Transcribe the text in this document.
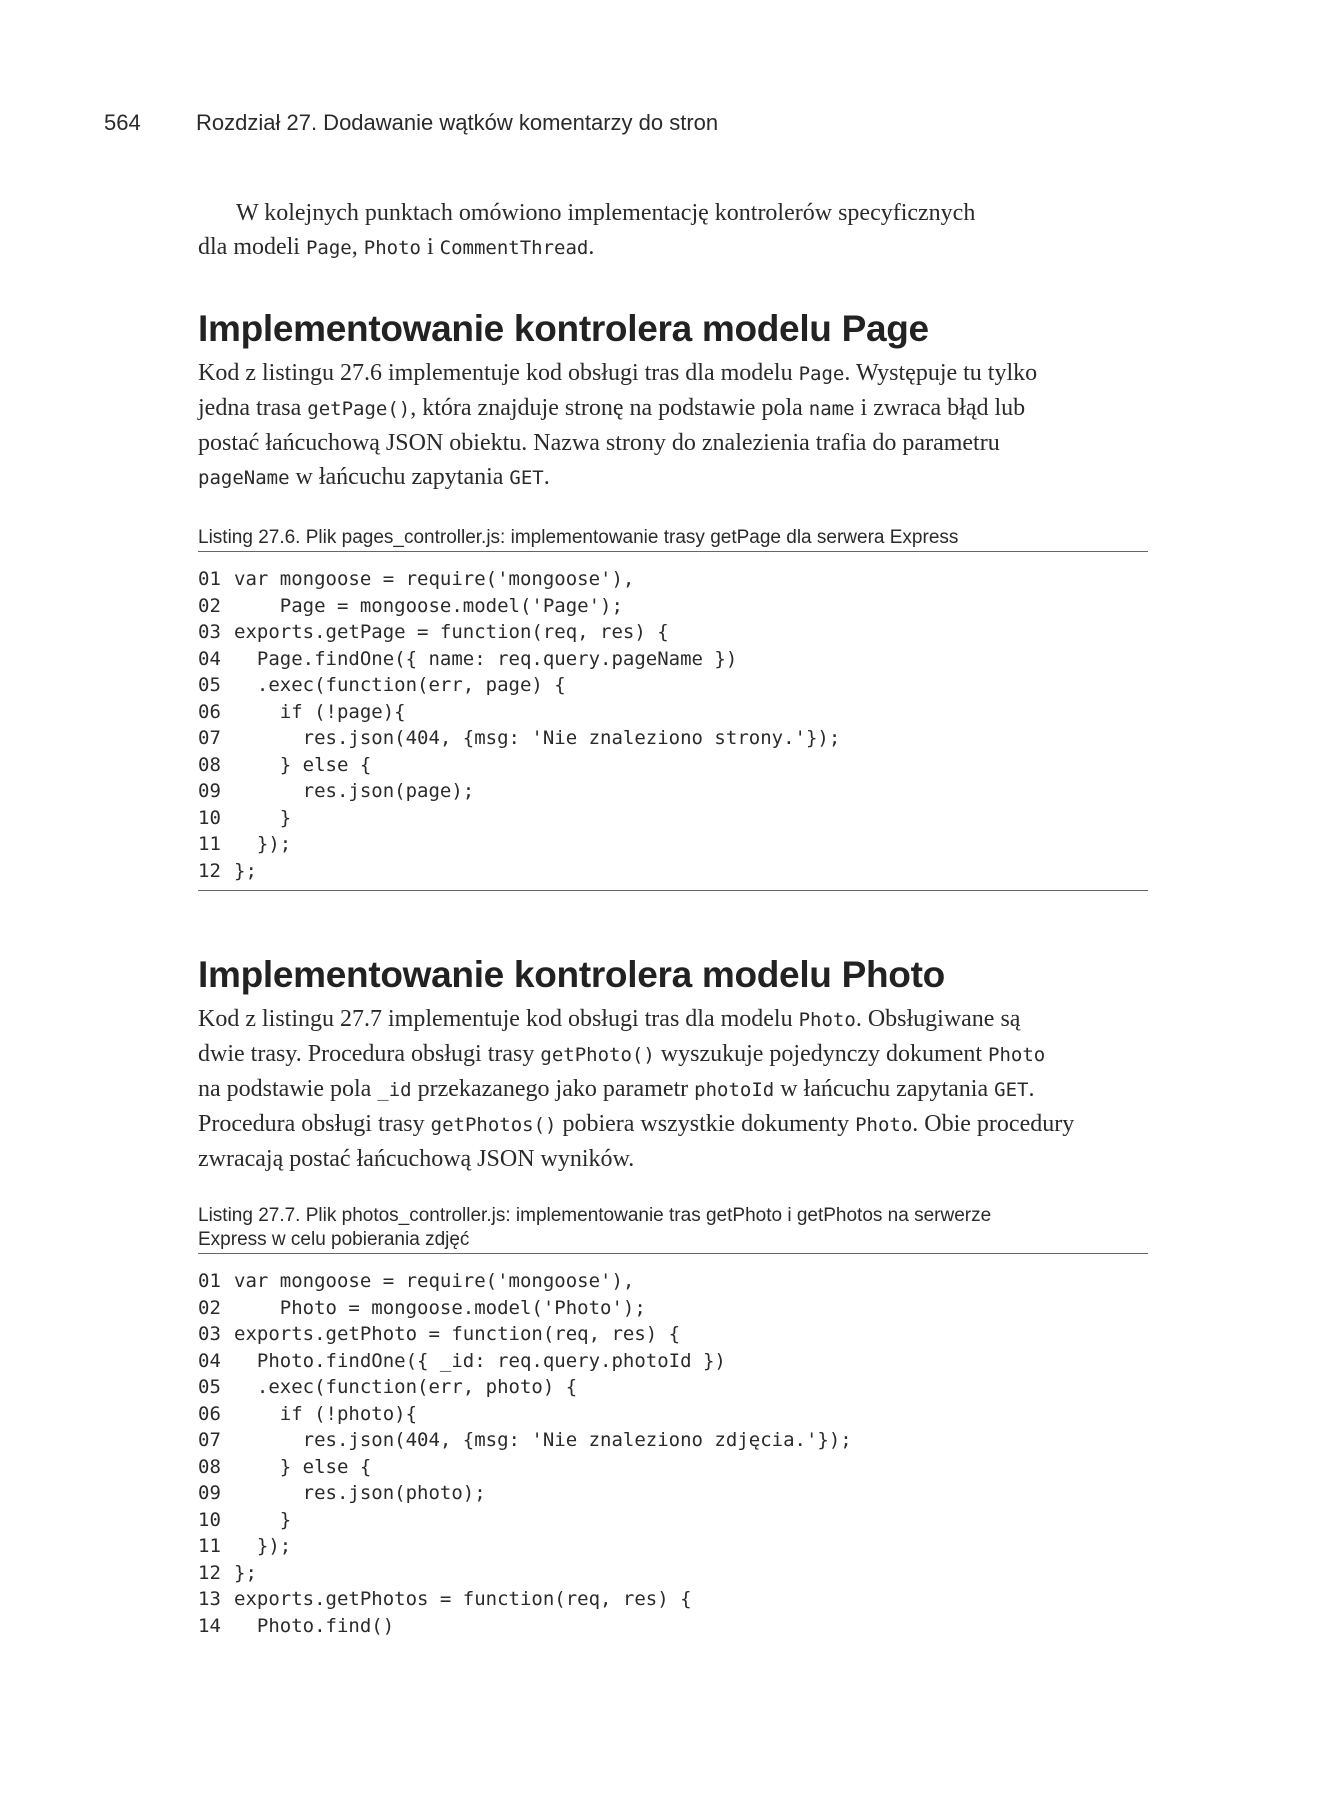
564	Rozdział 27. Dodawanie wątków komentarzy do stron
W kolejnych punktach omówiono implementację kontrolerów specyficznych
dla modeli Page, Photo i CommentThread.
Implementowanie kontrolera modelu Page
Kod z listingu 27.6 implementuje kod obsługi tras dla modelu Page. Występuje tu tylko
jedna trasa getPage(), która znajduje stronę na podstawie pola name i zwraca błąd lub
postać łańcuchową JSON obiektu. Nazwa strony do znalezienia trafia do parametru
pageName w łańcuchu zapytania GET.
Listing 27.6. Plik pages_controller.js: implementowanie trasy getPage dla serwera Express
01 var mongoose = require('mongoose'),
02    Page = mongoose.model('Page');
03 exports.getPage = function(req, res) {
04  Page.findOne({ name: req.query.pageName })
05  .exec(function(err, page) {
06    if (!page){
07      res.json(404, {msg: 'Nie znaleziono strony.'});
08    } else {
09      res.json(page);
10    }
11  });
12 };
Implementowanie kontrolera modelu Photo
Kod z listingu 27.7 implementuje kod obsługi tras dla modelu Photo. Obsługiwane są
dwie trasy. Procedura obsługi trasy getPhoto() wyszukuje pojedynczy dokument Photo
na podstawie pola _id przekazanego jako parametr photoId w łańcuchu zapytania GET.
Procedura obsługi trasy getPhotos() pobiera wszystkie dokumenty Photo. Obie procedury
zwracają postać łańcuchową JSON wyników.
Listing 27.7. Plik photos_controller.js: implementowanie tras getPhoto i getPhotos na serwerze
Express w celu pobierania zdjęć
01 var mongoose = require('mongoose'),
02    Photo = mongoose.model('Photo');
03 exports.getPhoto = function(req, res) {
04  Photo.findOne({ _id: req.query.photoId })
05  .exec(function(err, photo) {
06    if (!photo){
07      res.json(404, {msg: 'Nie znaleziono zdjęcia.'});
08    } else {
09      res.json(photo);
10    }
11  });
12 };
13 exports.getPhotos = function(req, res) {
14  Photo.find()
